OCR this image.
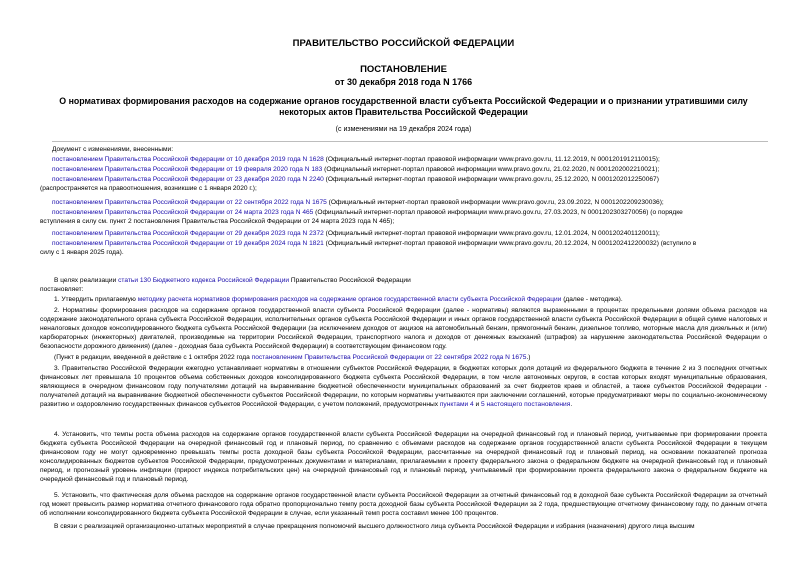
ПРАВИТЕЛЬСТВО РОССИЙСКОЙ ФЕДЕРАЦИИ
ПОСТАНОВЛЕНИЕ
от 30 декабря 2018 года N 1766
О нормативах формирования расходов на содержание органов государственной власти субъекта Российской Федерации и о признании утратившими силу некоторых актов Правительства Российской Федерации
(с изменениями на 19 декабря 2024 года)
Документ с изменениями, внесенными:
постановлением Правительства Российской Федерации от 10 декабря 2019 года N 1628 (Официальный интернет-портал правовой информации www.pravo.gov.ru, 11.12.2019, N 0001201912110015);
постановлением Правительства Российской Федерации от 19 февраля 2020 года N 183 (Официальный интернет-портал правовой информации www.pravo.gov.ru, 21.02.2020, N 0001202002210021);
постановлением Правительства Российской Федерации от 23 декабря 2020 года N 2240 (Официальный интернет-портал правовой информации www.pravo.gov.ru, 25.12.2020, N 0001202012250067)
(распространяется на правоотношения, возникшие с 1 января 2020 г.);
постановлением Правительства Российской Федерации от 22 сентября 2022 года N 1675 (Официальный интернет-портал правовой информации www.pravo.gov.ru, 23.09.2022, N 0001202209230036);
постановлением Правительства Российской Федерации от 24 марта 2023 года N 465 (Официальный интернет-портал правовой информации www.pravo.gov.ru, 27.03.2023, N 0001202303270056) (о порядке
вступления в силу см. пункт 2 постановления Правительства Российской Федерации от 24 марта 2023 года N 465);
постановлением Правительства Российской Федерации от 29 декабря 2023 года N 2372 (Официальный интернет-портал правовой информации www.pravo.gov.ru, 12.01.2024, N 0001202401120011);
постановлением Правительства Российской Федерации от 19 декабря 2024 года N 1821 (Официальный интернет-портал правовой информации www.pravo.gov.ru, 20.12.2024, N 0001202412200032) (вступило в
силу с 1 января 2025 года).
В целях реализации статьи 130 Бюджетного кодекса Российской Федерации Правительство Российской Федерации
постановляет:
1. Утвердить прилагаемую методику расчета нормативов формирования расходов на содержание органов государственной власти субъекта Российской Федерации (далее - методика).
2. Нормативы формирования расходов на содержание органов государственной власти субъекта Российской Федерации (далее - нормативы) являются выраженными в процентах предельными долями объема расходов на содержание законодательного органа субъекта Российской Федерации, исполнительных органов субъекта Российской Федерации и иных органов государственной власти субъекта Российской Федерации в общей сумме налоговых и неналоговых доходов консолидированного бюджета субъекта Российской Федерации (за исключением доходов от акцизов на автомобильный бензин, прямогонный бензин, дизельное топливо, моторные масла для дизельных и (или) карбюраторных (инжекторных) двигателей, производимые на территории Российской Федерации, транспортного налога и доходов от денежных взысканий (штрафов) за нарушение законодательства Российской Федерации о безопасности дорожного движения) (далее - доходная база субъекта Российской Федерации) в соответствующем финансовом году.
(Пункт в редакции, введенной в действие с 1 октября 2022 года постановлением Правительства Российской Федерации от 22 сентября 2022 года N 1675.)
3. Правительство Российской Федерации ежегодно устанавливает нормативы в отношении субъектов Российской Федерации, в бюджетах которых доля дотаций из федерального бюджета в течение 2 из 3 последних отчетных финансовых лет превышала 10 процентов объема собственных доходов консолидированного бюджета субъекта Российской Федерации, в том числе автономных округов, в состав которых входят муниципальные образования, являющиеся в очередном финансовом году получателями дотаций на выравнивание бюджетной обеспеченности муниципальных образований за счет бюджетов краев и областей, а также субъектов Российской Федерации - получателей дотаций на выравнивание бюджетной обеспеченности субъектов Российской Федерации, по которым нормативы учитываются при заключении соглашений, которые предусматривают меры по социально-экономическому развитию и оздоровлению государственных финансов субъектов Российской Федерации, с учетом положений, предусмотренных пунктами 4 и 5 настоящего постановления.
4. Установить, что темпы роста объема расходов на содержание органов государственной власти субъекта Российской Федерации на очередной финансовый год и плановый период, учитываемые при формировании проекта бюджета субъекта Российской Федерации на очередной финансовый год и плановый период, по сравнению с объемами расходов на содержание органов государственной власти субъекта Российской Федерации в текущем финансовом году не могут одновременно превышать темпы роста доходной базы субъекта Российской Федерации, рассчитанные на очередной финансовый год и плановый период, на основании показателей прогноза консолидированных бюджетов субъектов Российской Федерации, предусмотренных документами и материалами, прилагаемыми к проекту федерального закона о федеральном бюджете на очередной финансовый год и плановый период, и прогнозный уровень инфляции (прирост индекса потребительских цен) на очередной финансовый год и плановый период, учитываемый при формировании проекта федерального закона о федеральном бюджете на очередной финансовый год и плановый период.
5. Установить, что фактическая доля объема расходов на содержание органов государственной власти субъекта Российской Федерации за отчетный финансовый год в доходной базе субъекта Российской Федерации за отчетный год может превысить размер норматива отчетного финансового года обратно пропорционально темпу роста доходной базы субъекта Российской Федерации за 2 года, предшествующие отчетному финансовому году, по данным отчета об исполнении консолидированного бюджета субъекта Российской Федерации в случае, если указанный темп роста составил менее 100 процентов.
В связи с реализацией организационно-штатных мероприятий в случае прекращения полномочий высшего должностного лица субъекта Российской Федерации и избрания (назначения) другого лица высшим
